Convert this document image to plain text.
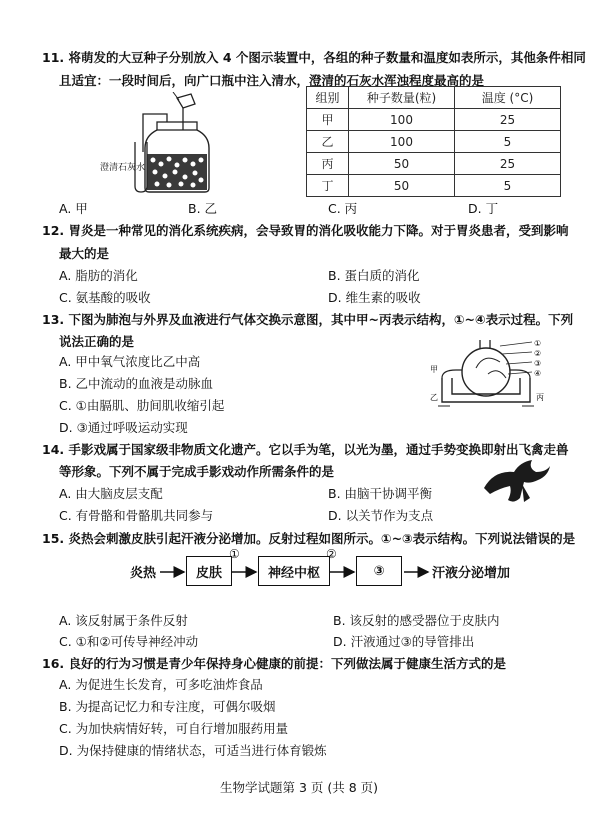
11. 将萌发的大豆种子分别放入 4 个图示装置中，各组的种子数量和温度如表所示，其他条件相同
且适宜：一段时间后，向广口瓶中注入清水，澄清的石灰水浑浊程度最高的是
澄清石灰水
组别	种子数量(粒)	温度 (°C)
甲	100	25
乙	100	5
丙	50	25
丁	50	5
A. 甲	B. 乙	C. 丙	D. 丁
12. 胃炎是一种常见的消化系统疾病，会导致胃的消化吸收能力下降。对于胃炎患者，受到影响
最大的是
A. 脂肪的消化	B. 蛋白质的消化
C. 氨基酸的吸收	D. 维生素的吸收
13. 下图为肺泡与外界及血液进行气体交换示意图，其中甲~丙表示结构，①~④表示过程。下列
说法正确的是
A. 甲中氧气浓度比乙中高
B. 乙中流动的血液是动脉血
C. ①由膈肌、肋间肌收缩引起
D. ③通过呼吸运动实现
①
②
③
④
甲
乙	丙
14. 手影戏属于国家级非物质文化遗产。它以手为笔，以光为墨，通过手势变换即射出飞禽走兽
等形象。下列不属于完成手影戏动作所需条件的是
A. 由大脑皮层支配	B. 由脑干协调平衡
C. 有骨骼和骨骼肌共同参与	D. 以关节作为支点
15. 炎热会刺激皮肤引起汗液分泌增加。反射过程如图所示。①~③表示结构。下列说法错误的是
炎热	皮肤
①
神经中枢
②
③	汗液分泌增加
A. 该反射属于条件反射	B. 该反射的感受器位于皮肤内
C. ①和②可传导神经冲动	D. 汗液通过③的导管排出
16. 良好的行为习惯是青少年保持身心健康的前提：下列做法属于健康生活方式的是
A. 为促进生长发育，可多吃油炸食品
B. 为提高记忆力和专注度，可偶尔吸烟
C. 为加快病情好转，可自行增加服药用量
D. 为保持健康的情绪状态，可适当进行体育锻炼
生物学试题第 3 页 (共 8 页)
